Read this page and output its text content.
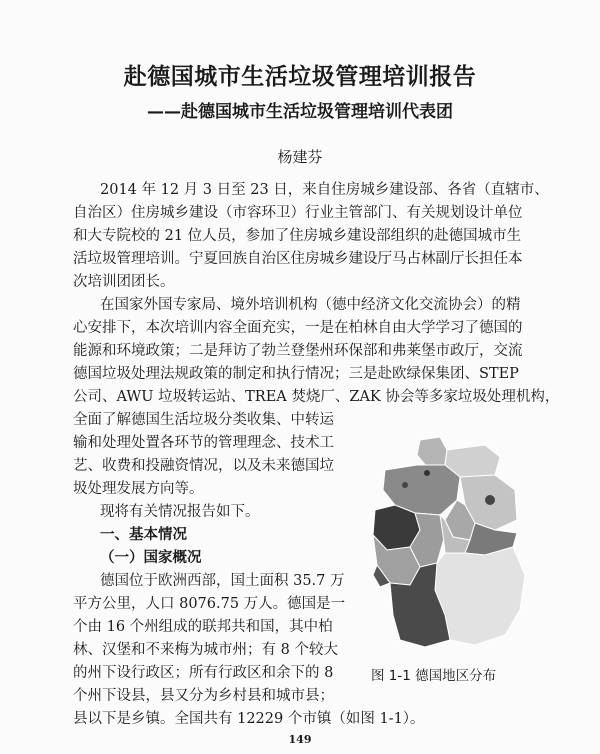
赴德国城市生活垃圾管理培训报告
——赴德国城市生活垃圾管理培训代表团
杨建芬
2014 年 12 月 3 日至 23 日，来自住房城乡建设部、各省（直辖市、
自治区）住房城乡建设（市容环卫）行业主管部门、有关规划设计单位
和大专院校的 21 位人员，参加了住房城乡建设部组织的赴德国城市生
活垃圾管理培训。宁夏回族自治区住房城乡建设厅马占林副厅长担任本
次培训团团长。
在国家外国专家局、境外培训机构（德中经济文化交流协会）的精
心安排下，本次培训内容全面充实，一是在柏林自由大学学习了德国的
能源和环境政策；二是拜访了勃兰登堡州环保部和弗莱堡市政厅，交流
德国垃圾处理法规政策的制定和执行情况；三是赴欧绿保集团、STEP
公司、AWU 垃圾转运站、TREA 焚烧厂、ZAK 协会等多家垃圾处理机构，
全面了解德国生活垃圾分类收集、中转运
输和处理处置各环节的管理理念、技术工
艺、收费和投融资情况，以及未来德国垃
圾处理发展方向等。
现将有关情况报告如下。
一、基本情况
（一）国家概况
德国位于欧洲西部，国土面积 35.7 万
平方公里，人口 8076.75 万人。德国是一
个由 16 个州组成的联邦共和国，其中柏
林、汉堡和不来梅为城市州；有 8 个较大
的州下设行政区；所有行政区和余下的 8
个州下设县，县又分为乡村县和城市县；
县以下是乡镇。全国共有 12229 个市镇（如图 1-1）。
图 1-1 德国地区分布
149
